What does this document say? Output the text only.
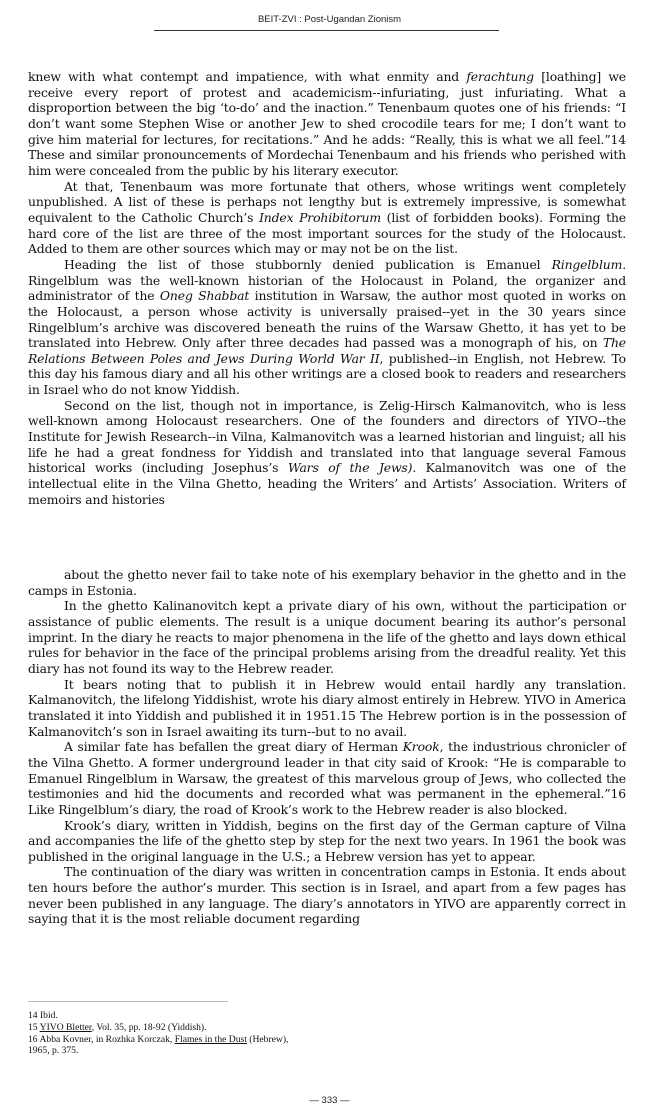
BEIT-ZVI : Post-Ugandan Zionism

knew with what contempt and impatience, with what enmity and ferachtung [loathing] we receive every report of protest and academicism--infuriating, just infuriating. What a disproportion between the big ‘to-do’ and the inaction.” Tenenbaum quotes one of his friends: “I don’t want some Stephen Wise or another Jew to shed crocodile tears for me; I don’t want to give him material for lectures, for recitations.” And he adds: “Really, this is what we all feel.”14 These and similar pronouncements of Mordechai Tenenbaum and his friends who perished with him were concealed from the public by his literary executor.

At that, Tenenbaum was more fortunate that others, whose writings went completely unpublished. A list of these is perhaps not lengthy but is extremely impressive, is somewhat equivalent to the Catholic Church’s Index Prohibitorum (list of forbidden books). Forming the hard core of the list are three of the most important sources for the study of the Holocaust. Added to them are other sources which may or may not be on the list.

Heading the list of those stubbornly denied publication is Emanuel Ringelblum. Ringelblum was the well-known historian of the Holocaust in Poland, the organizer and administrator of the Oneg Shabbat institution in Warsaw, the author most quoted in works on the Holocaust, a person whose activity is universally praised--yet in the 30 years since Ringelblum’s archive was discovered beneath the ruins of the Warsaw Ghetto, it has yet to be translated into Hebrew. Only after three decades had passed was a monograph of his, on The Relations Between Poles and Jews During World War II, published--in English, not Hebrew. To this day his famous diary and all his other writings are a closed book to readers and researchers in Israel who do not know Yiddish.

Second on the list, though not in importance, is Zelig-Hirsch Kalmanovitch, who is less well-known among Holocaust researchers. One of the founders and directors of YIVO--the Institute for Jewish Research--in Vilna, Kalmanovitch was a learned historian and linguist; all his life he had a great fondness for Yiddish and translated into that language several Famous historical works (including Josephus’s Wars of the Jews). Kalmanovitch was one of the intellectual elite in the Vilna Ghetto, heading the Writers’ and Artists’ Association. Writers of memoirs and histories

about the ghetto never fail to take note of his exemplary behavior in the ghetto and in the camps in Estonia.

In the ghetto Kalinanovitch kept a private diary of his own, without the participation or assistance of public elements. The result is a unique document bearing its author’s personal imprint. In the diary he reacts to major phenomena in the life of the ghetto and lays down ethical rules for behavior in the face of the principal problems arising from the dreadful reality. Yet this diary has not found its way to the Hebrew reader.

It bears noting that to publish it in Hebrew would entail hardly any translation. Kalmanovitch, the lifelong Yiddishist, wrote his diary almost entirely in Hebrew. YIVO in America translated it into Yiddish and published it in 1951.15 The Hebrew portion is in the possession of Kalmanovitch’s son in Israel awaiting its turn--but to no avail.

A similar fate has befallen the great diary of Herman Krook, the industrious chronicler of the Vilna Ghetto. A former underground leader in that city said of Krook: “He is comparable to Emanuel Ringelblum in Warsaw, the greatest of this marvelous group of Jews, who collected the testimonies and hid the documents and recorded what was permanent in the ephemeral.”16 Like Ringelblum’s diary, the road of Krook’s work to the Hebrew reader is also blocked.

Krook’s diary, written in Yiddish, begins on the first day of the German capture of Vilna and accompanies the life of the ghetto step by step for the next two years. In 1961 the book was published in the original language in the U.S.; a Hebrew version has yet to appear.

The continuation of the diary was written in concentration camps in Estonia. It ends about ten hours before the author’s murder. This section is in Israel, and apart from a few pages has never been published in any language. The diary’s annotators in YIVO are apparently correct in saying that it is the most reliable document regarding

14 Ibid.
15 YIVO Bletter, Vol. 35, pp. 18-92 (Yiddish).
16 Abba Kovner, in Rozhka Korczak, Flames in the Dust (Hebrew),
1965, p. 375.
— 333 —
